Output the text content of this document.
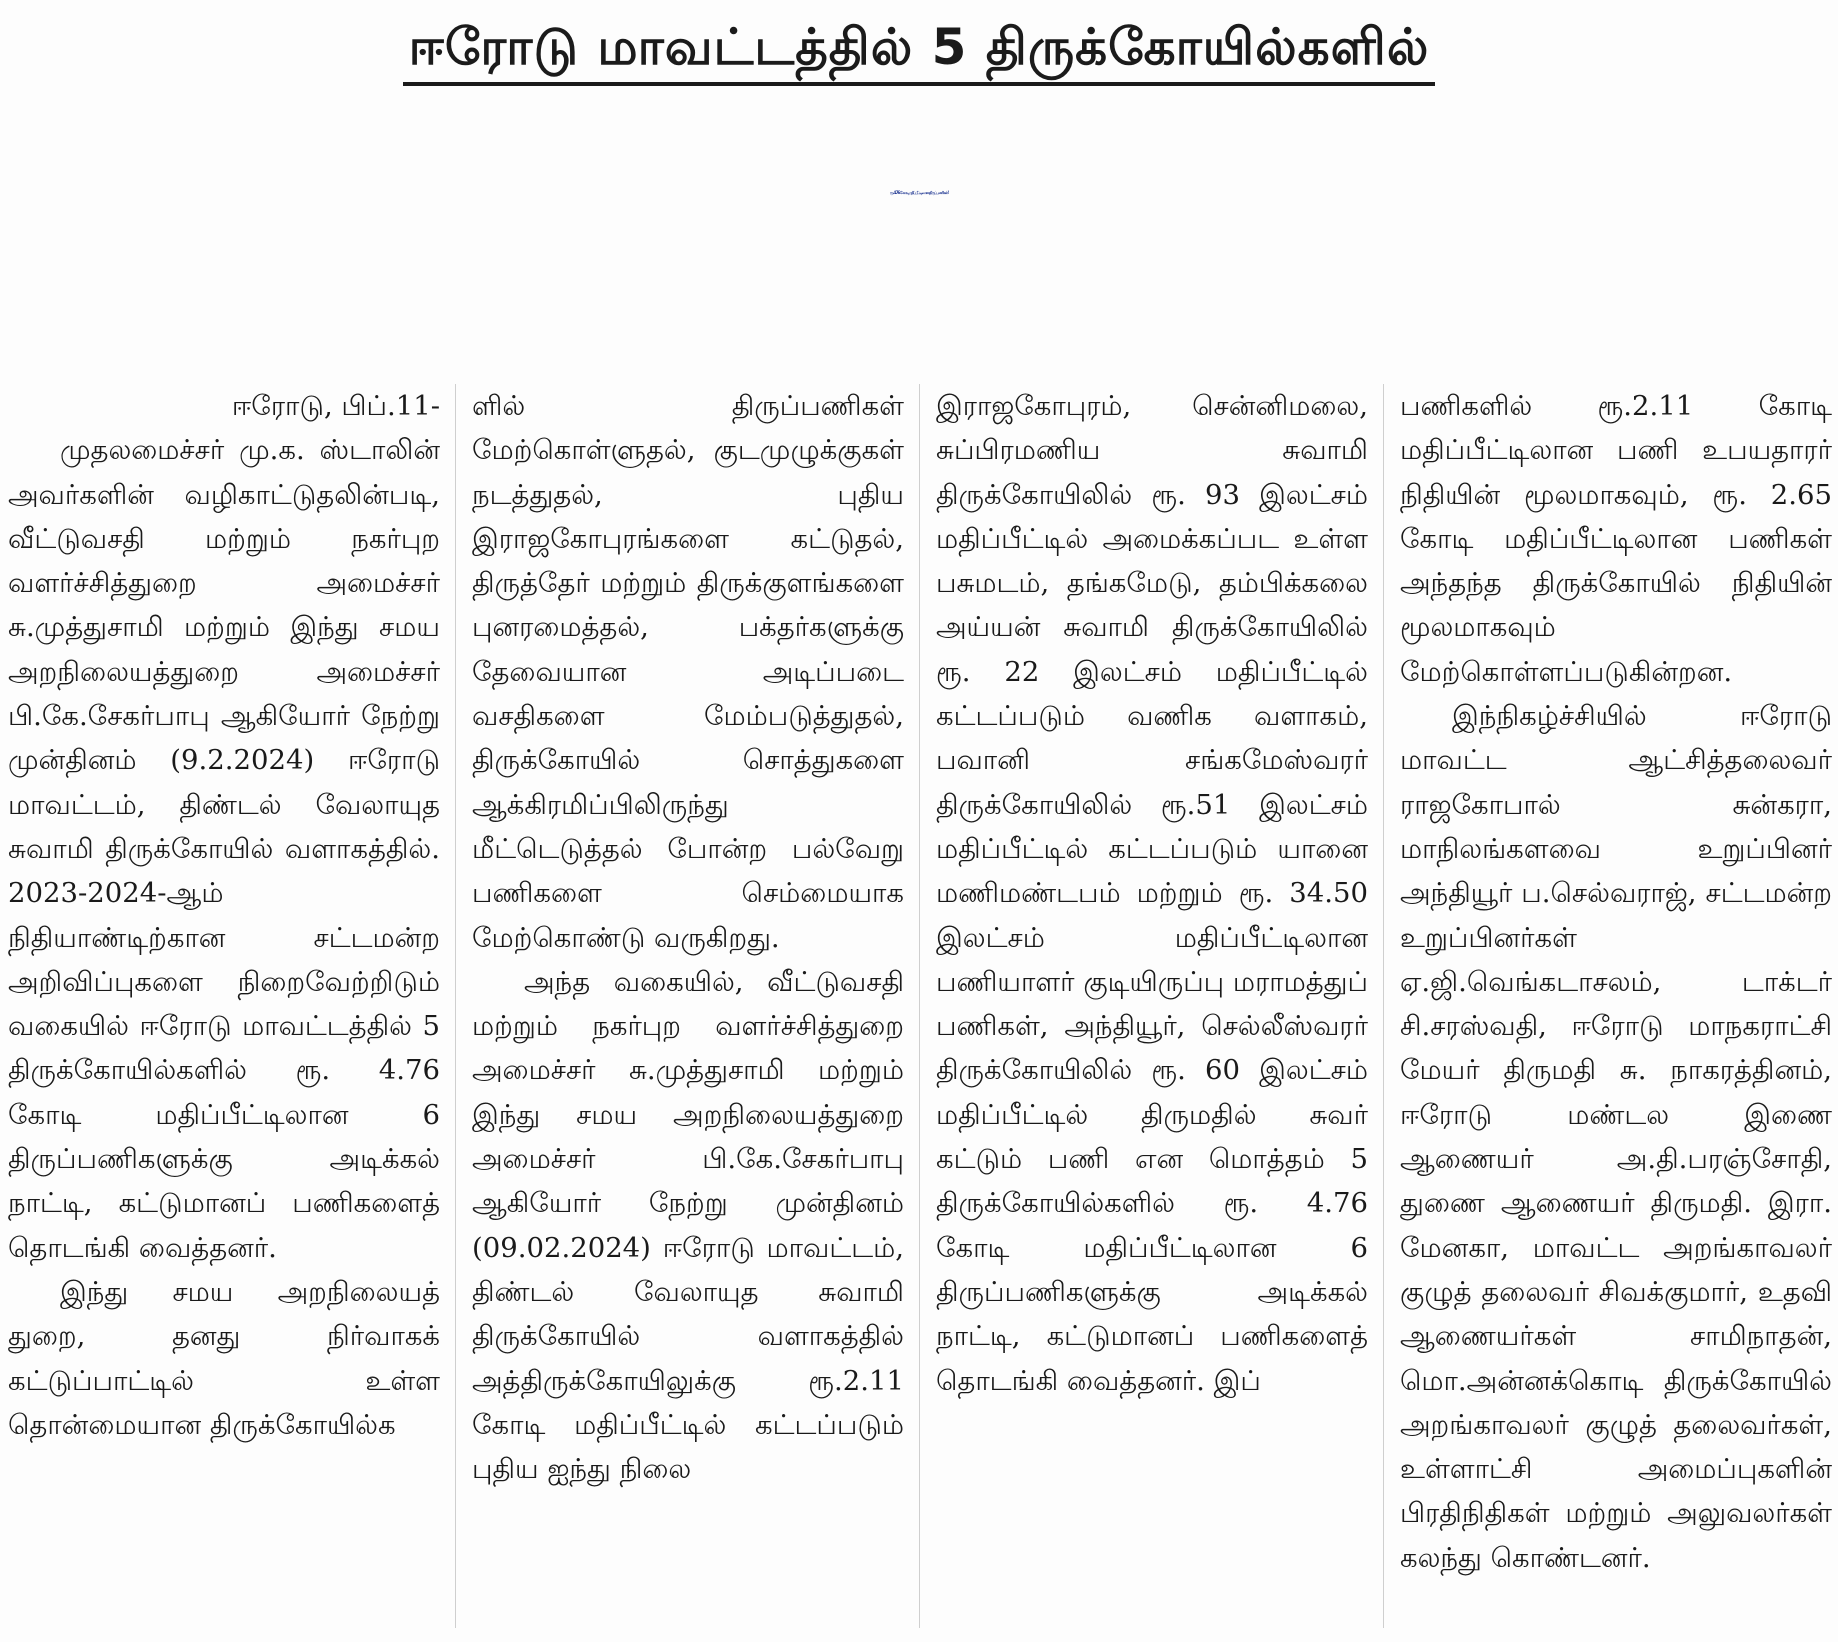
ஈரோடு மாவட்டத்தில் 5 திருக்கோயில்களில்
ரூ. 4.76 கோடி மதிப்பீட்டிலான திருப்பணிகள்!

ஈரோடு, பிப்.11-

முதலமைச்சர் மு.க. ஸ்டாலின் அவர்களின் வழிகாட்டுதலின்படி, வீட்டுவசதி மற்றும் நகர்புற வளர்ச்சித்துறை அமைச்சர் சு.முத்துசாமி மற்றும் இந்து சமய அறநிலையத்துறை அமைச்சர் பி.கே.சேகர்பாபு ஆகியோர் நேற்று முன்தினம் (9.2.2024) ஈரோடு மாவட்டம், திண்டல் வேலாயுத சுவாமி திருக்கோயில் வளாகத்தில். 2023-2024-ஆம் நிதியாண்டிற்கான சட்டமன்ற அறிவிப்புகளை நிறைவேற்றிடும் வகையில் ஈரோடு மாவட்டத்தில் 5 திருக்கோயில்களில் ரூ. 4.76 கோடி மதிப்பீட்டிலான 6 திருப்பணிகளுக்கு அடிக்கல் நாட்டி, கட்டுமானப் பணிகளைத் தொடங்கி வைத்தனர்.

இந்து சமய அறநிலையத் துறை, தனது நிர்வாகக் கட்டுப்பாட்டில் உள்ள தொன்மையான திருக்கோயில்க

ளில் திருப்பணிகள் மேற்கொள்ளுதல், குடமுழுக்குகள் நடத்துதல், புதிய இராஜகோபுரங்களை கட்டுதல், திருத்தேர் மற்றும் திருக்குளங்களை புனரமைத்தல், பக்தர்களுக்கு தேவையான அடிப்படை வசதிகளை மேம்படுத்துதல், திருக்கோயில் சொத்துகளை ஆக்கிரமிப்பிலிருந்து மீட்டெடுத்தல் போன்ற பல்வேறு பணிகளை செம்மையாக மேற்கொண்டு வருகிறது.

அந்த வகையில், வீட்டுவசதி மற்றும் நகர்புற வளர்ச்சித்துறை அமைச்சர் சு.முத்துசாமி மற்றும் இந்து சமய அறநிலையத்துறை அமைச்சர் பி.கே.சேகர்பாபு ஆகியோர் நேற்று முன்தினம் (09.02.2024) ஈரோடு மாவட்டம், திண்டல் வேலாயுத சுவாமி திருக்கோயில் வளாகத்தில் அத்திருக்கோயிலுக்கு ரூ.2.11 கோடி மதிப்பீட்டில் கட்டப்படும் புதிய ஐந்து நிலை

இராஜகோபுரம், சென்னிமலை, சுப்பிரமணிய சுவாமி திருக்கோயிலில் ரூ. 93 இலட்சம் மதிப்பீட்டில் அமைக்கப்பட உள்ள பசுமடம், தங்கமேடு, தம்பிக்கலை அய்யன் சுவாமி திருக்கோயிலில் ரூ. 22 இலட்சம் மதிப்பீட்டில் கட்டப்படும் வணிக வளாகம், பவானி சங்கமேஸ்வரர் திருக்கோயிலில் ரூ.51 இலட்சம் மதிப்பீட்டில் கட்டப்படும் யானை மணிமண்டபம் மற்றும் ரூ. 34.50 இலட்சம் மதிப்பீட்டிலான பணியாளர் குடியிருப்பு மராமத்துப் பணிகள், அந்தியூர், செல்லீஸ்வரர் திருக்கோயிலில் ரூ. 60 இலட்சம் மதிப்பீட்டில் திருமதில் சுவர் கட்டும் பணி என மொத்தம் 5 திருக்கோயில்களில் ரூ. 4.76 கோடி மதிப்பீட்டிலான 6 திருப்பணிகளுக்கு அடிக்கல் நாட்டி, கட்டுமானப் பணிகளைத் தொடங்கி வைத்தனர். இப்

பணிகளில் ரூ.2.11 கோடி மதிப்பீட்டிலான பணி உபயதாரர் நிதியின் மூலமாகவும், ரூ. 2.65 கோடி மதிப்பீட்டிலான பணிகள் அந்தந்த திருக்கோயில் நிதியின் மூலமாகவும் மேற்கொள்ளப்படுகின்றன.

இந்நிகழ்ச்சியில் ஈரோடு மாவட்ட ஆட்சித்தலைவர் ராஜகோபால் சுன்கரா, மாநிலங்களவை உறுப்பினர் அந்தியூர் ப.செல்வராஜ், சட்டமன்ற உறுப்பினர்கள் ஏ.ஜி.வெங்கடாசலம், டாக்டர் சி.சரஸ்வதி, ஈரோடு மாநகராட்சி மேயர் திருமதி சு. நாகரத்தினம், ஈரோடு மண்டல இணை ஆணையர் அ.தி.பரஞ்சோதி, துணை ஆணையர் திருமதி. இரா. மேனகா, மாவட்ட அறங்காவலர் குழுத் தலைவர் சிவக்குமார், உதவி ஆணையர்கள் சாமிநாதன், மொ.அன்னக்கொடி திருக்கோயில் அறங்காவலர் குழுத் தலைவர்கள், உள்ளாட்சி அமைப்புகளின் பிரதிநிதிகள் மற்றும் அலுவலர்கள் கலந்து கொண்டனர்.
